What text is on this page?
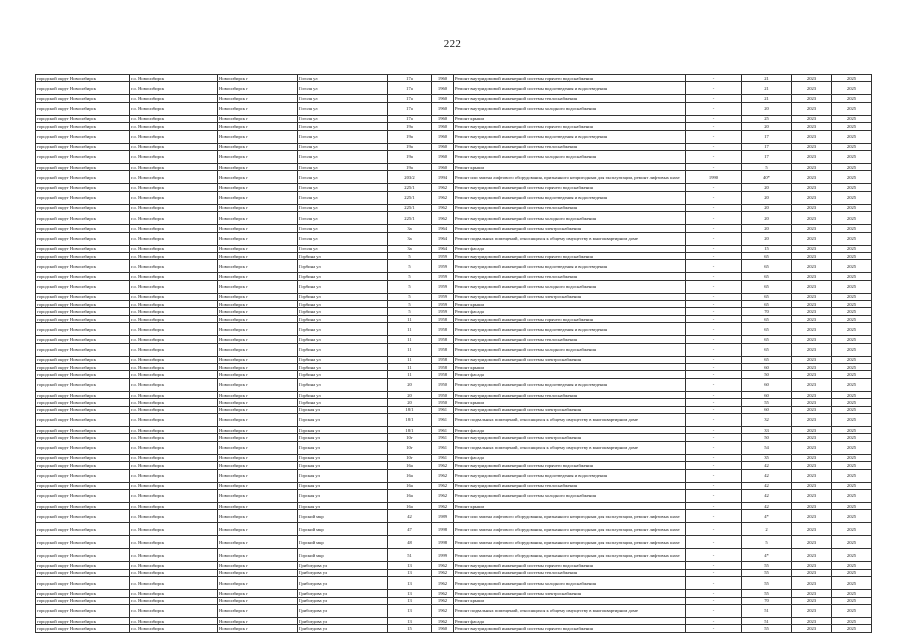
222
городской округ Новосибирск	г.о. Новосибирск	Новосибирск г	Гоголя ул	17а	1960	Ремонт внутридомовой инженерной системы горячего водоснабжения	-	21	2023	2025
городской округ Новосибирск	г.о. Новосибирск	Новосибирск г	Гоголя ул	17а	1960	Ремонт внутридомовой инженерной системы водоотведения и водоотведения	-	21	2023	2025
городской округ Новосибирск	г.о. Новосибирск	Новосибирск г	Гоголя ул	17а	1960	Ремонт внутридомовой инженерной системы теплоснабжения	-	21	2023	2025
городской округ Новосибирск	г.о. Новосибирск	Новосибирск г	Гоголя ул	17а	1960	Ремонт внутридомовой инженерной системы холодного водоснабжения	-	20	2023	2025
городской округ Новосибирск	г.о. Новосибирск	Новосибирск г	Гоголя ул	17а	1960	Ремонт крыши	-	25	2023	2025
городской округ Новосибирск	г.о. Новосибирск	Новосибирск г	Гоголя ул	19а	1960	Ремонт внутридомовой инженерной системы горячего водоснабжения	-	20	2023	2025
городской округ Новосибирск	г.о. Новосибирск	Новосибирск г	Гоголя ул	19а	1960	Ремонт внутридомовой инженерной системы водоотведения и водоотведения	-	17	2023	2025
городской округ Новосибирск	г.о. Новосибирск	Новосибирск г	Гоголя ул	19а	1960	Ремонт внутридомовой инженерной системы теплоснабжения	-	17	2023	2025
городской округ Новосибирск	г.о. Новосибирск	Новосибирск г	Гоголя ул	19а	1960	Ремонт внутридомовой инженерной системы холодного водоснабжения	-	17	2023	2025
городской округ Новосибирск	г.о. Новосибирск	Новосибирск г	Гоголя ул	19а	1960	Ремонт крыши	-	5	2023	2025
городской округ Новосибирск	г.о. Новосибирск	Новосибирск г	Гоголя ул	203/2	1994	Ремонт или замена лифтового оборудования, признанного непригодным для эксплуатации, ремонт лифтовых шахт	1990	40*	2023	2025
городской округ Новосибирск	г.о. Новосибирск	Новосибирск г	Гоголя ул	225/1	1962	Ремонт внутридомовой инженерной системы горячего водоснабжения	-	20	2023	2025
городской округ Новосибирск	г.о. Новосибирск	Новосибирск г	Гоголя ул	225/1	1962	Ремонт внутридомовой инженерной системы водоотведения и водоотведения	-	20	2023	2025
городской округ Новосибирск	г.о. Новосибирск	Новосибирск г	Гоголя ул	225/1	1962	Ремонт внутридомовой инженерной системы теплоснабжения	-	20	2023	2025
городской округ Новосибирск	г.о. Новосибирск	Новосибирск г	Гоголя ул	225/1	1962	Ремонт внутридомовой инженерной системы холодного водоснабжения	-	20	2023	2025
городской округ Новосибирск	г.о. Новосибирск	Новосибирск г	Гоголя ул	3а	1964	Ремонт внутридомовой инженерной системы электроснабжения	-	20	2023	2025
городской округ Новосибирск	г.о. Новосибирск	Новосибирск г	Гоголя ул	3а	1964	Ремонт подвальных помещений, относящихся к общему имуществу в многоквартирном доме	-	20	2023	2025
городской округ Новосибирск	г.о. Новосибирск	Новосибирск г	Гоголя ул	3а	1964	Ремонт фасада	-	15	2023	2025
городской округ Новосибирск	г.о. Новосибирск	Новосибирск г	Горбина ул	5	1959	Ремонт внутридомовой инженерной системы горячего водоснабжения	-	65	2023	2025
городской округ Новосибирск	г.о. Новосибирск	Новосибирск г	Горбина ул	5	1959	Ремонт внутридомовой инженерной системы водоотведения и водоотведения	-	65	2023	2025
городской округ Новосибирск	г.о. Новосибирск	Новосибирск г	Горбина ул	5	1959	Ремонт внутридомовой инженерной системы теплоснабжения	-	65	2023	2025
городской округ Новосибирск	г.о. Новосибирск	Новосибирск г	Горбина ул	5	1959	Ремонт внутридомовой инженерной системы холодного водоснабжения	-	65	2023	2025
городской округ Новосибирск	г.о. Новосибирск	Новосибирск г	Горбина ул	5	1959	Ремонт внутридомовой инженерной системы электроснабжения	-	65	2023	2025
городской округ Новосибирск	г.о. Новосибирск	Новосибирск г	Горбина ул	5	1959	Ремонт крыши	-	65	2023	2025
городской округ Новосибирск	г.о. Новосибирск	Новосибирск г	Горбина ул	5	1959	Ремонт фасада	-	70	2023	2025
городской округ Новосибирск	г.о. Новосибирск	Новосибирск г	Горбина ул	11	1958	Ремонт внутридомовой инженерной системы горячего водоснабжения	-	65	2023	2025
городской округ Новосибирск	г.о. Новосибирск	Новосибирск г	Горбина ул	11	1958	Ремонт внутридомовой инженерной системы водоотведения и водоотведения	-	65	2023	2025
городской округ Новосибирск	г.о. Новосибирск	Новосибирск г	Горбина ул	11	1958	Ремонт внутридомовой инженерной системы теплоснабжения	-	65	2023	2025
городской округ Новосибирск	г.о. Новосибирск	Новосибирск г	Горбина ул	11	1958	Ремонт внутридомовой инженерной системы холодного водоснабжения	-	65	2023	2025
городской округ Новосибирск	г.о. Новосибирск	Новосибирск г	Горбина ул	11	1958	Ремонт внутридомовой инженерной системы электроснабжения	-	65	2023	2025
городской округ Новосибирск	г.о. Новосибирск	Новосибирск г	Горбина ул	11	1958	Ремонт крыши	-	60	2023	2025
городской округ Новосибирск	г.о. Новосибирск	Новосибирск г	Горбина ул	11	1958	Ремонт фасада	-	50	2023	2025
городской округ Новосибирск	г.о. Новосибирск	Новосибирск г	Горбина ул	20	1950	Ремонт внутридомовой инженерной системы водоотведения и водоотведения	-	60	2023	2025
городской округ Новосибирск	г.о. Новосибирск	Новосибирск г	Горбина ул	20	1950	Ремонт внутридомовой инженерной системы теплоснабжения	-	60	2023	2025
городской округ Новосибирск	г.о. Новосибирск	Новосибирск г	Горбина ул	20	1950	Ремонт крыши	-	55	2023	2025
городской округ Новосибирск	г.о. Новосибирск	Новосибирск г	Горская ул	18/1	1961	Ремонт внутридомовой инженерной системы электроснабжения	-	60	2023	2025
городской округ Новосибирск	г.о. Новосибирск	Новосибирск г	Горская ул	18/1	1961	Ремонт подвальных помещений, относящихся к общему имуществу в многоквартирном доме	-	32	2023	2025
городской округ Новосибирск	г.о. Новосибирск	Новосибирск г	Горская ул	18/1	1961	Ремонт фасада	-	33	2023	2025
городской округ Новосибирск	г.о. Новосибирск	Новосибирск г	Горская ул	10г	1961	Ремонт внутридомовой инженерной системы электроснабжения	-	50	2023	2025
городской округ Новосибирск	г.о. Новосибирск	Новосибирск г	Горская ул	10г	1961	Ремонт подвальных помещений, относящихся к общему имуществу в многоквартирном доме	-	54	2023	2025
городской округ Новосибирск	г.о. Новосибирск	Новосибирск г	Горская ул	10г	1961	Ремонт фасада	-	35	2023	2025
городской округ Новосибирск	г.о. Новосибирск	Новосибирск г	Горская ул	16а	1962	Ремонт внутридомовой инженерной системы горячего водоснабжения	-	42	2023	2025
городской округ Новосибирск	г.о. Новосибирск	Новосибирск г	Горская ул	16а	1962	Ремонт внутридомовой инженерной системы водоотведения и водоотведения	-	42	2023	2025
городской округ Новосибирск	г.о. Новосибирск	Новосибирск г	Горская ул	16а	1962	Ремонт внутридомовой инженерной системы теплоснабжения	-	42	2023	2025
городской округ Новосибирск	г.о. Новосибирск	Новосибирск г	Горская ул	16а	1962	Ремонт внутридомовой инженерной системы холодного водоснабжения	-	42	2023	2025
городской округ Новосибирск	г.о. Новосибирск	Новосибирск г	Горская ул	16а	1962	Ремонт крыши	-	42	2023	2025
городской округ Новосибирск	г.о. Новосибирск	Новосибирск г	Горский мкр	42	1989	Ремонт или замена лифтового оборудования, признанного непригодным для эксплуатации, ремонт лифтовых шахт	-	4*	2023	2025
городской округ Новосибирск	г.о. Новосибирск	Новосибирск г	Горский мкр	47	1998	Ремонт или замена лифтового оборудования, признанного непригодным для эксплуатации, ремонт лифтовых шахт	-	2	2023	2025
городской округ Новосибирск	г.о. Новосибирск	Новосибирск г	Горский мкр	48	1998	Ремонт или замена лифтового оборудования, признанного непригодным для эксплуатации, ремонт лифтовых шахт	-	5	2023	2025
городской округ Новосибирск	г.о. Новосибирск	Новосибирск г	Горский мкр	51	1999	Ремонт или замена лифтового оборудования, признанного непригодным для эксплуатации, ремонт лифтовых шахт	-	4*	2023	2025
городской округ Новосибирск	г.о. Новосибирск	Новосибирск г	Грибоедова ул	13	1962	Ремонт внутридомовой инженерной системы горячего водоснабжения	-	55	2023	2025
городской округ Новосибирск	г.о. Новосибирск	Новосибирск г	Грибоедова ул	13	1962	Ремонт внутридомовой инженерной системы теплоснабжения	-	55	2023	2025
городской округ Новосибирск	г.о. Новосибирск	Новосибирск г	Грибоедова ул	13	1962	Ремонт внутридомовой инженерной системы холодного водоснабжения	-	55	2023	2025
городской округ Новосибирск	г.о. Новосибирск	Новосибирск г	Грибоедова ул	13	1962	Ремонт внутридомовой инженерной системы электроснабжения	-	55	2023	2025
городской округ Новосибирск	г.о. Новосибирск	Новосибирск г	Грибоедова ул	13	1962	Ремонт крыши	-	70	2023	2025
городской округ Новосибирск	г.о. Новосибирск	Новосибирск г	Грибоедова ул	13	1962	Ремонт подвальных помещений, относящихся к общему имуществу в многоквартирном доме	-	51	2023	2025
городской округ Новосибирск	г.о. Новосибирск	Новосибирск г	Грибоедова ул	13	1962	Ремонт фасада	-	51	2023	2025
городской округ Новосибирск	г.о. Новосибирск	Новосибирск г	Грибоедова ул	15	1960	Ремонт внутридомовой инженерной системы горячего водоснабжения	-	55	2023	2025
